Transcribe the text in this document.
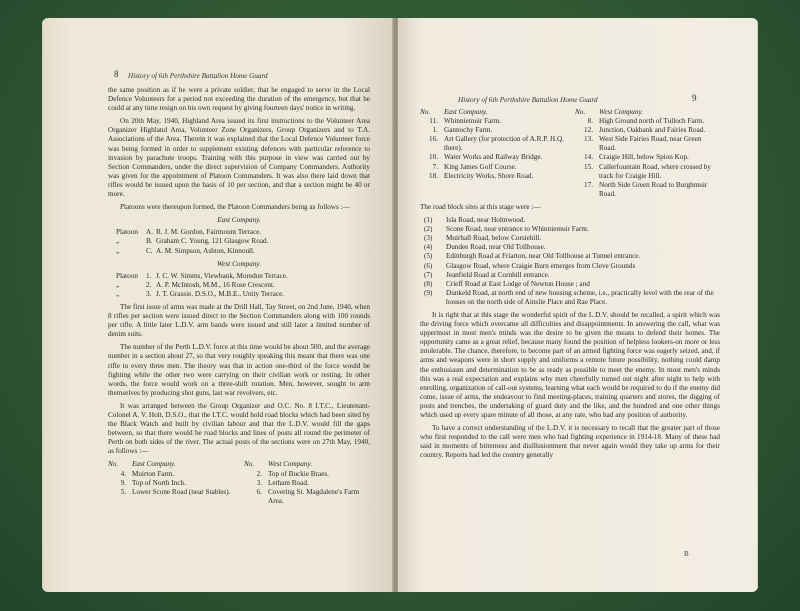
8 History of 6th Perthshire Battalion Home Guard

the same position as if he were a private soldier, that he engaged to serve in the Local Defence Volunteers for a period not exceeding the duration of the emergency, but that he could at any time resign on his own request by giving fourteen days' notice in writing.

On 20th May, 1940, Highland Area issued its first instructions to the Volunteer Area Organizer Highland Area, Volunteer Zone Organizers, Group Organizers and to T.A. Associations of the Area. Therein it was explained that the Local Defence Volunteer force was being formed in order to supplement existing defences with particular reference to invasion by parachute troops. Training with this purpose in view was carried out by Section Commanders, under the direct supervision of Company Commanders. Authority was given for the appointment of Platoon Commanders. It was also there laid down that rifles would be issued upon the basis of 10 per section, and that a section might be 40 or more.

Platoons were thereupon formed, the Platoon Commanders being as follows :—

East Company.
Platoon	A. R. J. M. Gordon, Fairmount Terrace.
„	B. Graham C. Young, 121 Glasgow Road.
„	C. A. M. Simpson, Ashton, Kinnoull.
West Company.
Platoon	1. J. C. W. Simms, Viewbank, Moredun Terrace.
„	2. A. P. McIntosh, M.M., 16 Rose Crescent.
„	3. J. T. Grassie, D.S.O., M.B.E., Unity Terrace.

The first issue of arms was made at the Drill Hall, Tay Street, on 2nd June, 1940, when 8 rifles per section were issued direct to the Section Commanders along with 100 rounds per rifle. A little later L.D.V. arm bands were issued and still later a limited number of denim suits.

The number of the Perth L.D.V. force at this time would be about 500, and the average number in a section about 27, so that very roughly speaking this meant that there was one rifle to every three men. The theory was that in action one-third of the force would be fighting while the other two were carrying on their civilian work or resting. In other words, the force would work on a three-shift rotation. Men, however, sought to arm themselves by producing shot guns, last war revolvers, etc.

It was arranged between the Group Organizer and O.C. No. 8 I.T.C., Lieutenant-Colonel A. V. Holt, D.S.O., that the I.T.C. would hold road blocks which had been sited by the Black Watch and built by civilian labour and that the L.D.V. would fill the gaps between, so that there would be road blocks and lines of posts all round the perimeter of Perth on both sides of the river. The actual posts of the sections were on 27th May, 1940, as follows :—

No.	East Company.
4. Muirton Farm.
9. Top of North Inch.
5. Lower Scone Road (near Stables).
No.	West Company.
2. Top of Buckie Braes.
3. Letham Road.
6. Covering St. Magdalene's Farm Area.
History of 6th Perthshire Battalion Home Guard	9
No.	East Company.
11. Whinniemuir Farm.
1. Gannochy Farm.
16. Art Gallery (for protection of A.R.P. H.Q. there).
10. Water Works and Railway Bridge.
7. King James Golf Course.
18. Electricity Works, Shore Road.
No.	West Company.
8. High Ground north of Tulloch Farm.
12. Junction, Oakbank and Fairies Road.
13. West Side Fairies Road, near Green Road.
14. Craigie Hill, below Spion Kop.
15. Callerfountain Road, where crossed by track for Craigie Hill.
17. North Side Green Road to Burghmuir Road.

The road block sites at this stage were :—

(1)	Isla Road, near Holmwood.
(2)	Scone Road, near entrance to Whinniemuir Farm.
(3)	Muirhall Road, below Corsiehill.
(4)	Dundee Road, near Old Tollhouse.
(5)	Edinburgh Road at Friarton, near Old Tollhouse at Tunnel entrance.
(6)	Glasgow Road, where Craigie Burn emerges from Cleve Grounds
(7)	Jeanfield Road at Cornhill entrance.
(8)	Crieff Road at East Lodge of Newton House ; and
(9)	Dunkeld Road, at north end of new housing scheme, i.e., practically level with the rear of the houses on the north side of Ainslie Place and Rae Place.

It is right that at this stage the wonderful spirit of the L.D.V. should be recalled, a spirit which was the driving force which overcame all difficulties and disappointments. In answering the call, what was uppermost in most men's minds was the desire to be given the means to defend their homes. The opportunity came as a great relief, because many found the position of helpless lookers-on more or less intolerable. The chance, therefore, to become part of an armed fighting force was eagerly seized, and, if arms and weapons were in short supply and uniforms a remote future possibility, nothing could damp the enthusiasm and determination to be as ready as possible to meet the enemy. In most men's minds this was a real expectation and explains why men cheerfully turned out night after night to help with enrolling, organization of call-out systems, learning what each would be required to do if the enemy did come, issue of arms, the endeavour to find meeting-places, training quarters and stores, the digging of posts and trenches, the undertaking of guard duty and the like, and the hundred and one other things which used up every spare minute of all those, at any rate, who had any position of authority.

To have a correct understanding of the L.D.V. it is necessary to recall that the greater part of those who first responded to the call were men who had fighting experience in 1914-18. Many of these had said in moments of bitterness and disillusionment that never again would they take up arms for their country. Reports had led the country generally

B
